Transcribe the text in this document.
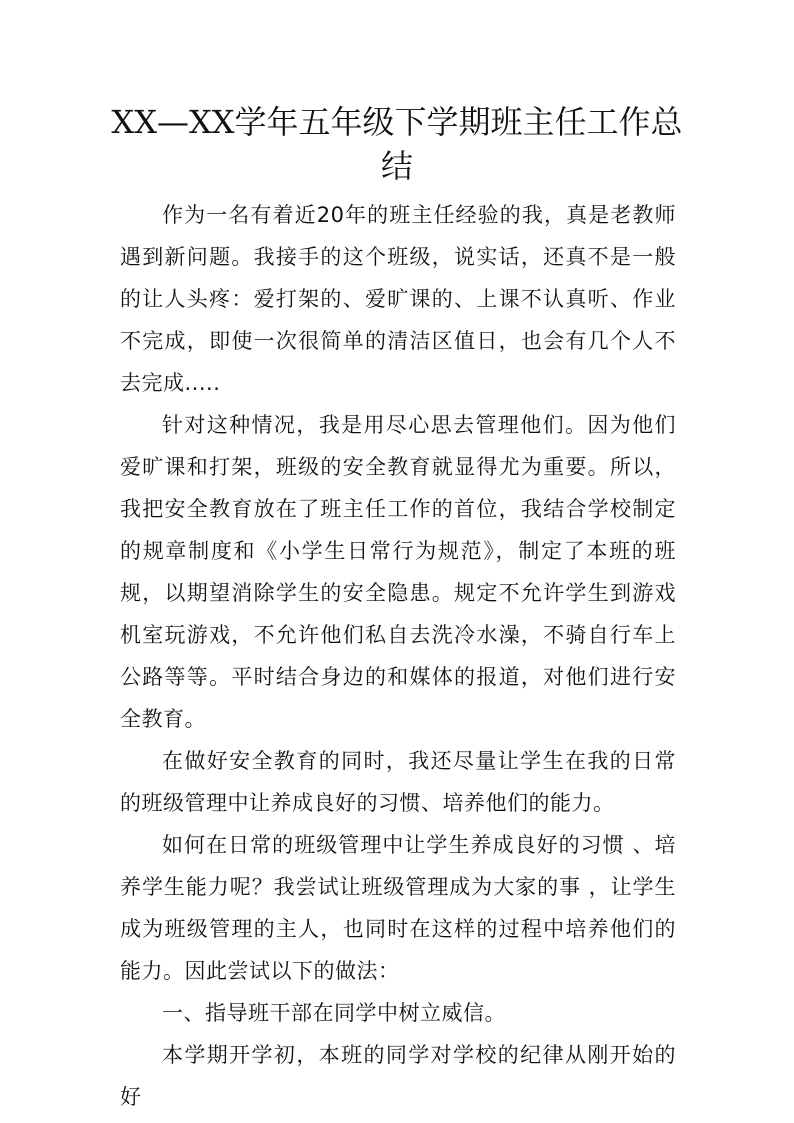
XX—XX学年五年级下学期班主任工作总结

作为一名有着近20年的班主任经验的我，真是老教师遇到新问题。我接手的这个班级，说实话，还真不是一般的让人头疼：爱打架的、爱旷课的、上课不认真听、作业不完成，即使一次很简单的清洁区值日，也会有几个人不去完成.....

针对这种情况，我是用尽心思去管理他们。因为他们爱旷课和打架，班级的安全教育就显得尤为重要。所以，我把安全教育放在了班主任工作的首位，我结合学校制定的规章制度和《小学生日常行为规范》，制定了本班的班规，以期望消除学生的安全隐患。规定不允许学生到游戏机室玩游戏，不允许他们私自去洗冷水澡，不骑自行车上公路等等。平时结合身边的和媒体的报道，对他们进行安全教育。

在做好安全教育的同时，我还尽量让学生在我的日常的班级管理中让养成良好的习惯、培养他们的能力。

如何在日常的班级管理中让学生养成良好的习惯 、培养学生能力呢？我尝试让班级管理成为大家的事 ，让学生成为班级管理的主人，也同时在这样的过程中培养他们的能力。因此尝试以下的做法：

一、指导班干部在同学中树立威信。

本学期开学初，本班的同学对学校的纪律从刚开始的好
